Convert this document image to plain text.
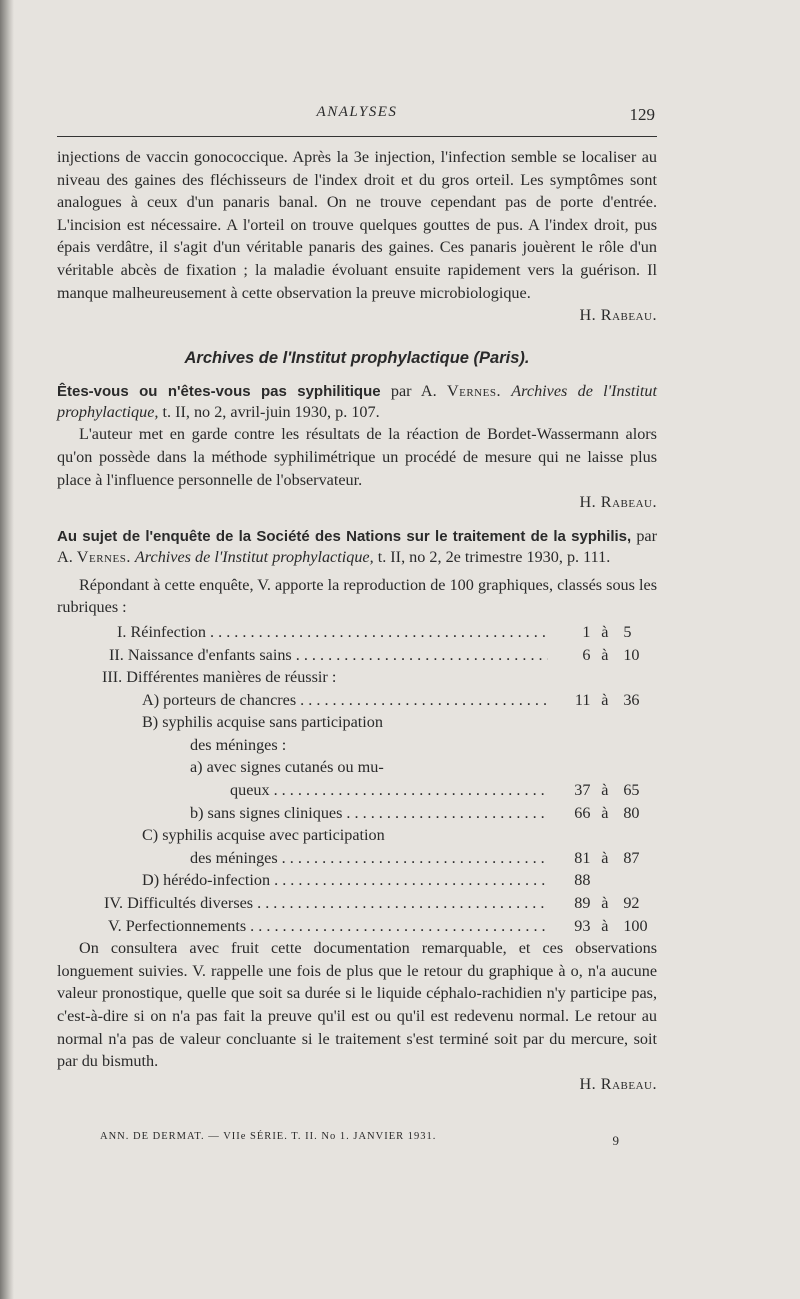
ANALYSES	129

injections de vaccin gonococcique. Après la 3e injection, l'infection semble se localiser au niveau des gaines des fléchisseurs de l'index droit et du gros orteil. Les symptômes sont analogues à ceux d'un panaris banal. On ne trouve cependant pas de porte d'entrée. L'incision est nécessaire. A l'orteil on trouve quelques gouttes de pus. A l'index droit, pus épais verdâtre, il s'agit d'un véritable panaris des gaines. Ces panaris jouèrent le rôle d'un véritable abcès de fixation ; la maladie évoluant ensuite rapidement vers la guérison. Il manque malheureusement à cette observation la preuve microbiologique.

H. Rabeau.

Archives de l'Institut prophylactique (Paris).

Êtes-vous ou n'êtes-vous pas syphilitique par A. Vernes. Archives de l'Institut prophylactique, t. II, no 2, avril-juin 1930, p. 107.

L'auteur met en garde contre les résultats de la réaction de Bordet-Wassermann alors qu'on possède dans la méthode syphilimétrique un procédé de mesure qui ne laisse plus place à l'influence personnelle de l'observateur.

H. Rabeau.

Au sujet de l'enquête de la Société des Nations sur le traitement de la syphilis, par A. Vernes. Archives de l'Institut prophylactique, t. II, no 2, 2e trimestre 1930, p. 111.

Répondant à cette enquête, V. apporte la reproduction de 100 graphiques, classés sous les rubriques :

I. Réinfection . . .	1 à 5
II. Naissance d'enfants sains . . .	6 à 10
III. Différentes manières de réussir :
A) porteurs de chancres . . .	11 à 36
B) syphilis acquise sans participation
des méninges :
a) avec signes cutanés ou mu-
queux . . .	37 à 65
b) sans signes cliniques . . .	66 à 80
C) syphilis acquise avec participation
des méninges . . .	81 à 87
D) hérédo-infection . . .	88
IV. Difficultés diverses . . .	89 à 92
V. Perfectionnements . . .	93 à 100

On consultera avec fruit cette documentation remarquable, et ces observations longuement suivies. V. rappelle une fois de plus que le retour du graphique à o, n'a aucune valeur pronostique, quelle que soit sa durée si le liquide céphalo-rachidien n'y participe pas, c'est-à-dire si on n'a pas fait la preuve qu'il est ou qu'il est redevenu normal. Le retour au normal n'a pas de valeur concluante si le traitement s'est terminé soit par du mercure, soit par du bismuth.

H. Rabeau.

ANN. DE DERMAT. — VIIe SÉRIE. T. II. No 1. JANVIER 1931.	9
